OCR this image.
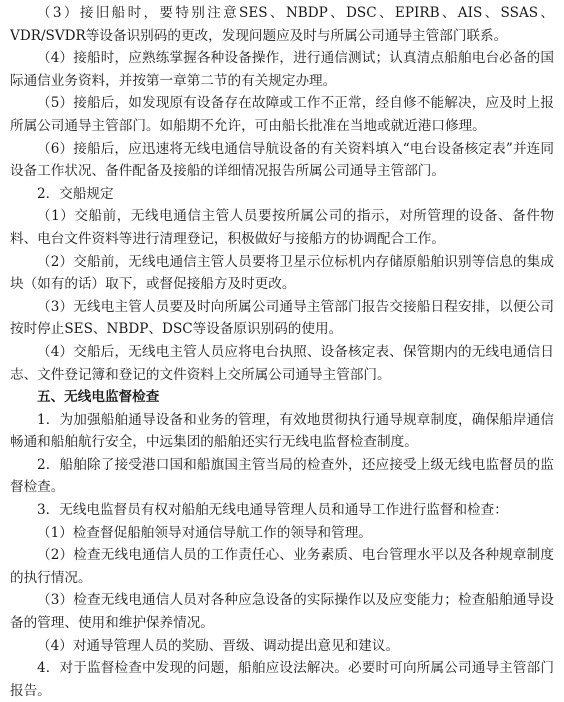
（3）接旧船时，要特别注意SES、NBDP、DSC、EPIRB、AIS、SSAS、VDR/SVDR等设备识别码的更改，发现问题应及时与所属公司通导主管部门联系。

（4）接船时，应熟练掌握各种设备操作，进行通信测试；认真清点船舶电台必备的国际通信业务资料，并按第一章第二节的有关规定办理。

（5）接船后，如发现原有设备存在故障或工作不正常，经自修不能解决，应及时上报所属公司通导主管部门。如船期不允许，可由船长批准在当地或就近港口修理。

（6）接船后，应迅速将无线电通信导航设备的有关资料填入“电台设备核定表”并连同设备工作状况、备件配备及接船的详细情况报告所属公司通导主管部门。

2．交船规定

（1）交船前，无线电通信主管人员要按所属公司的指示，对所管理的设备、备件物料、电台文件资料等进行清理登记，积极做好与接船方的协调配合工作。

（2）交船前，无线电通信主管人员要将卫星示位标机内存储原船舶识别等信息的集成块（如有的话）取下，或督促接船方及时更改。

（3）无线电主管人员要及时向所属公司通导主管部门报告交接船日程安排，以便公司按时停止SES、NBDP、DSC等设备原识别码的使用。

（4）交船后，无线电主管人员应将电台执照、设备核定表、保管期内的无线电通信日志、文件登记簿和登记的文件资料上交所属公司通导主管部门。

五、无线电监督检查

1．为加强船舶通导设备和业务的管理，有效地贯彻执行通导规章制度，确保船岸通信畅通和船舶航行安全，中远集团的船舶还实行无线电监督检查制度。

2．船舶除了接受港口国和船旗国主管当局的检查外，还应接受上级无线电监督员的监督检查。

3．无线电监督员有权对船舶无线电通导管理人员和通导工作进行监督和检查：

（1）检查督促船舶领导对通信导航工作的领导和管理。

（2）检查无线电通信人员的工作责任心、业务素质、电台管理水平以及各种规章制度的执行情况。

（3）检查无线电通信人员对各种应急设备的实际操作以及应变能力；检查船舶通导设备的管理、使用和维护保养情况。

（4）对通导管理人员的奖励、晋级、调动提出意见和建议。

4．对于监督检查中发现的问题，船舶应设法解决。必要时可向所属公司通导主管部门报告。
